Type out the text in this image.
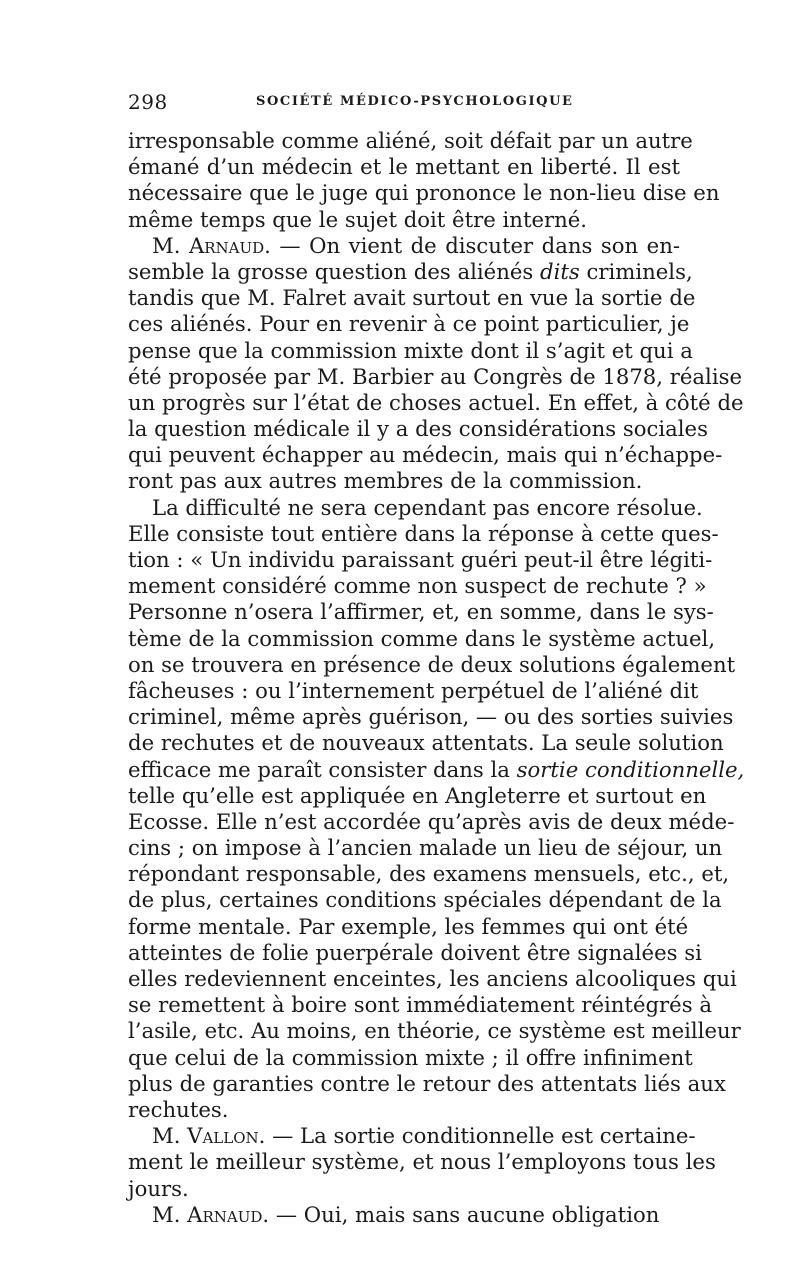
298	SOCIÉTÉ MÉDICO-PSYCHOLOGIQUE
irresponsable comme aliéné, soit défait par un autre
émané d’un médecin et le mettant en liberté. Il est
nécessaire que le juge qui prononce le non-lieu dise en
même temps que le sujet doit être interné.
M. Arnaud. — On vient de discuter dans son en-
semble la grosse question des aliénés dits criminels,
tandis que M. Falret avait surtout en vue la sortie de
ces aliénés. Pour en revenir à ce point particulier, je
pense que la commission mixte dont il s’agit et qui a
été proposée par M. Barbier au Congrès de 1878, réalise
un progrès sur l’état de choses actuel. En effet, à côté de
la question médicale il y a des considérations sociales
qui peuvent échapper au médecin, mais qui n’échappe-
ront pas aux autres membres de la commission.
La difficulté ne sera cependant pas encore résolue.
Elle consiste tout entière dans la réponse à cette ques-
tion : « Un individu paraissant guéri peut-il être légiti-
mement considéré comme non suspect de rechute ? »
Personne n’osera l’affirmer, et, en somme, dans le sys-
tème de la commission comme dans le système actuel,
on se trouvera en présence de deux solutions également
fâcheuses : ou l’internement perpétuel de l’aliéné dit
criminel, même après guérison, — ou des sorties suivies
de rechutes et de nouveaux attentats. La seule solution
efficace me paraît consister dans la sortie conditionnelle,
telle qu’elle est appliquée en Angleterre et surtout en
Ecosse. Elle n’est accordée qu’après avis de deux méde-
cins ; on impose à l’ancien malade un lieu de séjour, un
répondant responsable, des examens mensuels, etc., et,
de plus, certaines conditions spéciales dépendant de la
forme mentale. Par exemple, les femmes qui ont été
atteintes de folie puerpérale doivent être signalées si
elles redeviennent enceintes, les anciens alcooliques qui
se remettent à boire sont immédiatement réintégrés à
l’asile, etc. Au moins, en théorie, ce système est meilleur
que celui de la commission mixte ; il offre infiniment
plus de garanties contre le retour des attentats liés aux
rechutes.
M. Vallon. — La sortie conditionnelle est certaine-
ment le meilleur système, et nous l’employons tous les
jours.
M. Arnaud. — Oui, mais sans aucune obligation
